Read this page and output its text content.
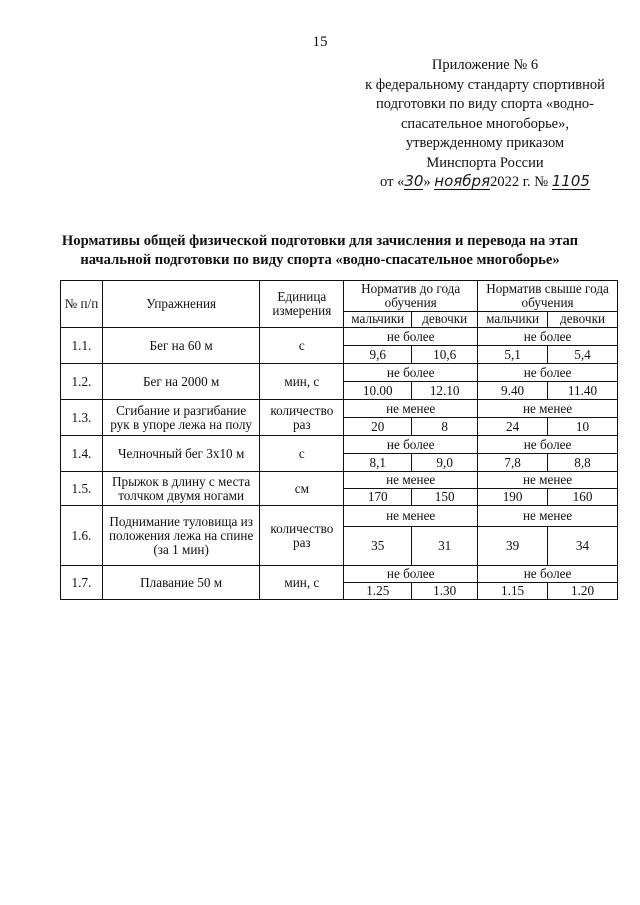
15
Приложение № 6
к федеральному стандарту спортивной
подготовки по виду спорта «водно-
спасательное многоборье»,
утвержденному приказом
Минспорта России
от «30» ноября2022 г. № 1105
Нормативы общей физической подготовки для зачисления и перевода на этап
начальной подготовки по виду спорта «водно-спасательное многоборье»
№ п/п	Упражнения	Единица измерения	Норматив до года обучения		Норматив свыше года обучения	
			мальчики	девочки	мальчики	девочки
1.1.	Бег на 60 м	с	не более		не более	
			9,6	10,6	5,1	5,4
1.2.	Бег на 2000 м	мин, с	не более		не более	
			10.00	12.10	9.40	11.40
1.3.	Сгибание и разгибание рук в упоре лежа на полу	количество раз	не менее		не менее	
			20	8	24	10
1.4.	Челночный бег 3х10 м	с	не более		не более	
			8,1	9,0	7,8	8,8
1.5.	Прыжок в длину с места толчком двумя ногами	см	не менее		не менее	
			170	150	190	160
1.6.	Поднимание туловища из положения лежа на спине (за 1 мин)	количество раз	не менее		не менее	
			35	31	39	34
1.7.	Плавание 50 м	мин, с	не более		не более	
			1.25	1.30	1.15	1.20
